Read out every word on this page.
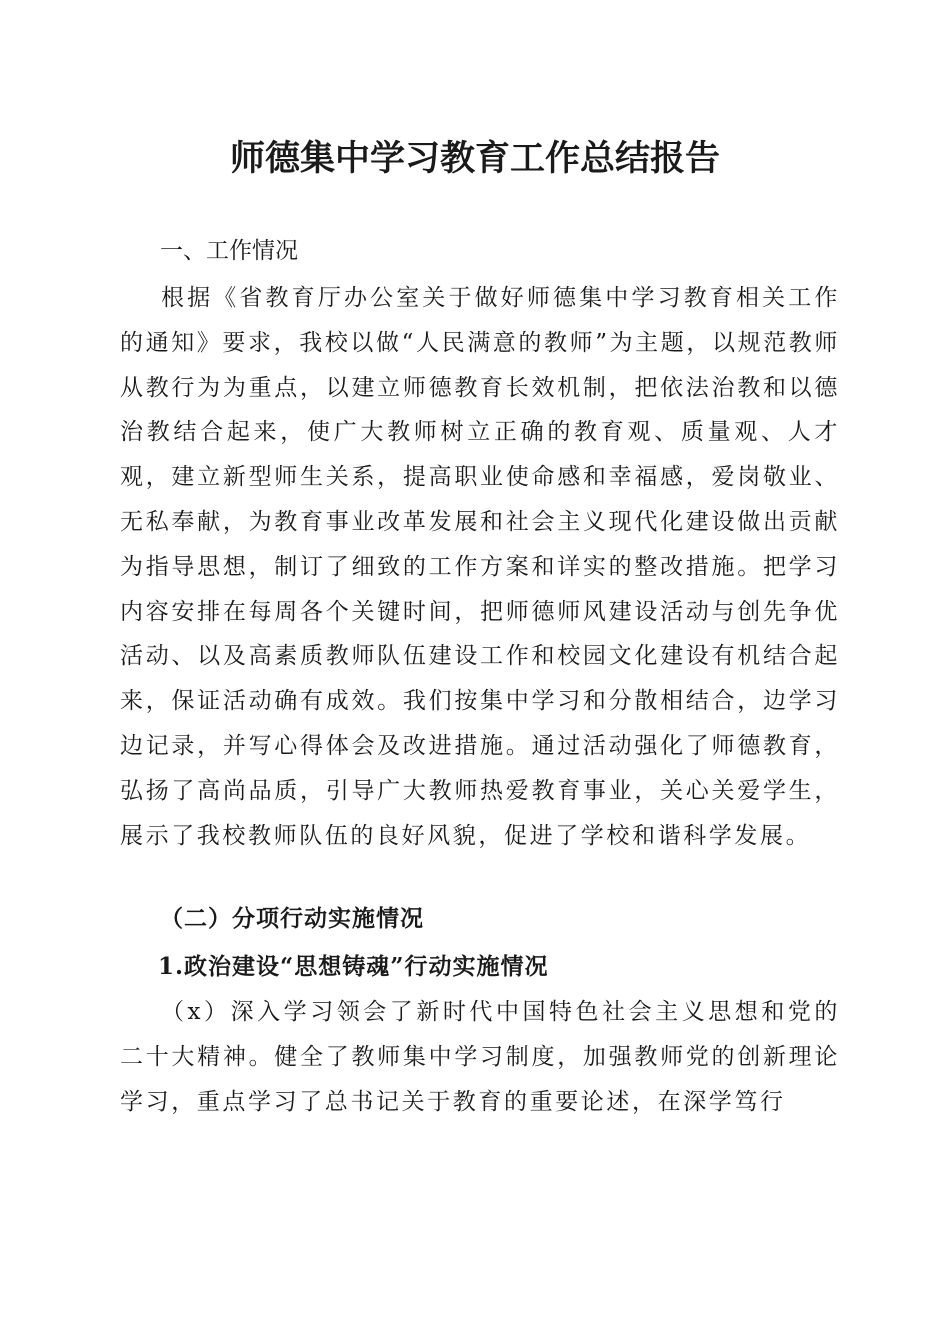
师德集中学习教育工作总结报告
一、工作情况

根据《省教育厅办公室关于做好师德集中学习教育相关工作的通知》要求，我校以做“人民满意的教师”为主题，以规范教师从教行为为重点，以建立师德教育长效机制，把依法治教和以德治教结合起来，使广大教师树立正确的教育观、质量观、人才观，建立新型师生关系，提高职业使命感和幸福感，爱岗敬业、无私奉献，为教育事业改革发展和社会主义现代化建设做出贡献为指导思想，制订了细致的工作方案和详实的整改措施。把学习内容安排在每周各个关键时间，把师德师风建设活动与创先争优活动、以及高素质教师队伍建设工作和校园文化建设有机结合起来，保证活动确有成效。我们按集中学习和分散相结合，边学习边记录，并写心得体会及改进措施。通过活动强化了师德教育，弘扬了高尚品质，引导广大教师热爱教育事业，关心关爱学生，展示了我校教师队伍的良好风貌，促进了学校和谐科学发展。

（二）分项行动实施情况
1.政治建设“思想铸魂”行动实施情况

（x）深入学习领会了新时代中国特色社会主义思想和党的二十大精神。健全了教师集中学习制度，加强教师党的创新理论学习，重点学习了总书记关于教育的重要论述，在深学笃行
